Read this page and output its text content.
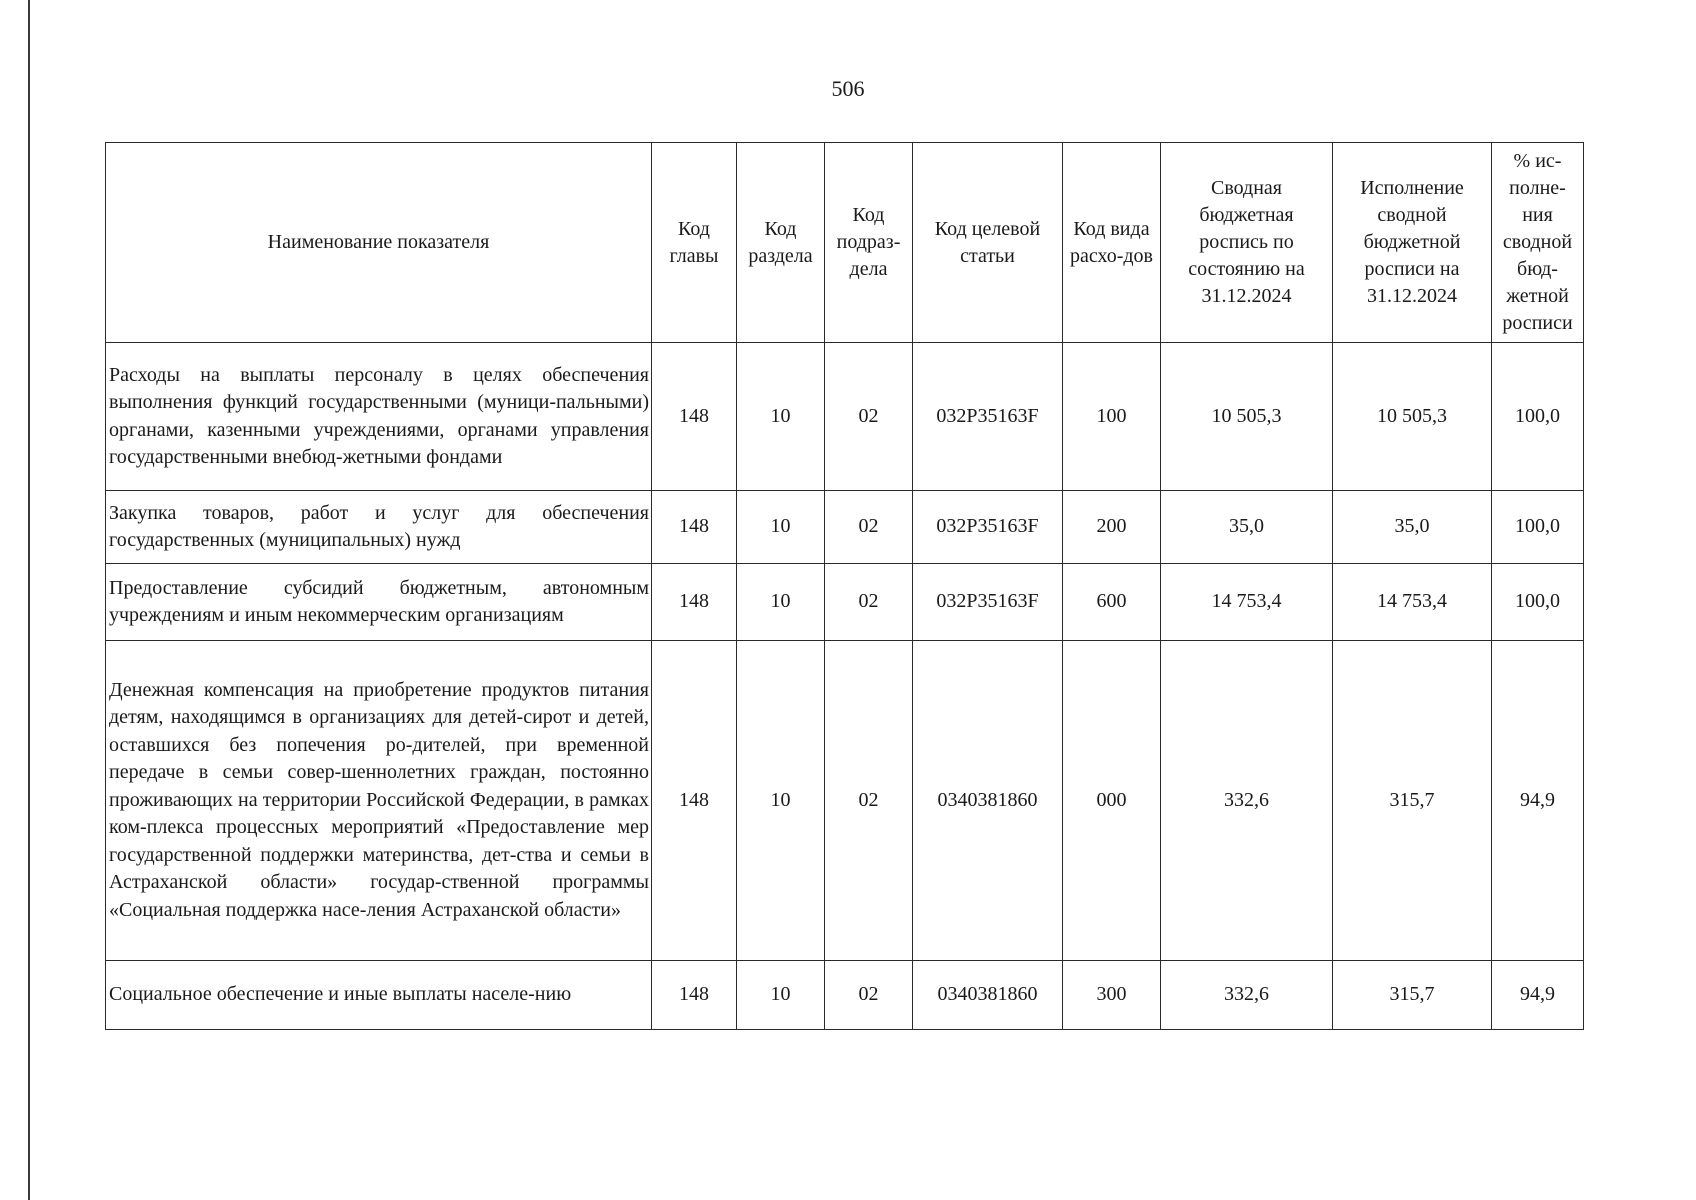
506
Наименование показателя	Код главы	Код раздела	Код подраз-дела	Код целевой статьи	Код вида расхо-дов	Сводная бюджетная роспись по состоянию на 31.12.2024	Исполнение сводной бюджетной росписи на 31.12.2024	% ис-полне-ния сводной бюд-жетной росписи
Расходы на выплаты персоналу в целях обеспечения выполнения функций государственными (муници-пальными) органами, казенными учреждениями, органами управления государственными внебюд-жетными фондами	148	10	02	032P35163F	100	10 505,3	10 505,3	100,0
Закупка товаров, работ и услуг для обеспечения государственных (муниципальных) нужд	148	10	02	032P35163F	200	35,0	35,0	100,0
Предоставление субсидий бюджетным, автономным учреждениям и иным некоммерческим организациям	148	10	02	032P35163F	600	14 753,4	14 753,4	100,0
Денежная компенсация на приобретение продуктов питания детям, находящимся в организациях для детей-сирот и детей, оставшихся без попечения ро-дителей, при временной передаче в семьи совер-шеннолетних граждан, постоянно проживающих на территории Российской Федерации, в рамках ком-плекса процессных мероприятий «Предоставление мер государственной поддержки материнства, дет-ства и семьи в Астраханской области» государ-ственной программы «Социальная поддержка насе-ления Астраханской области»	148	10	02	0340381860	000	332,6	315,7	94,9
Социальное обеспечение и иные выплаты населе-нию	148	10	02	0340381860	300	332,6	315,7	94,9
